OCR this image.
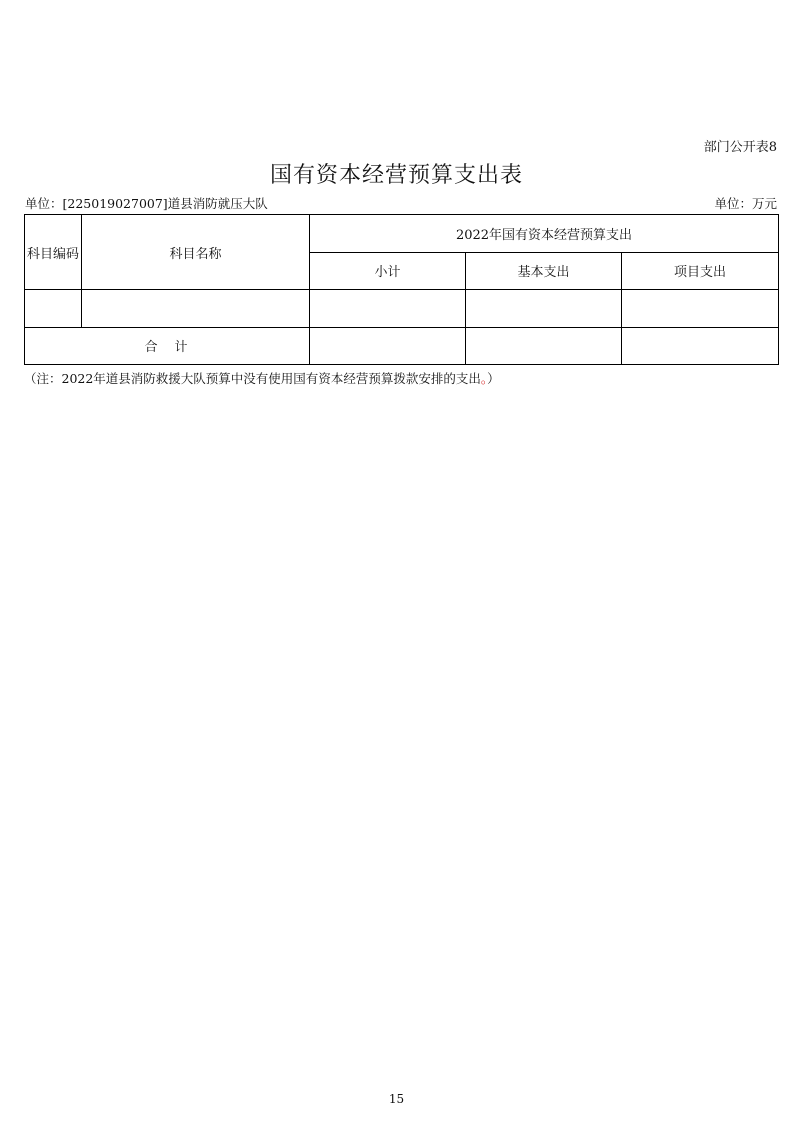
部门公开表8
国有资本经营预算支出表
单位：[225019027007]道县消防就压大队	单位：万元
科目编码	科目名称	2022年国有资本经营预算支出		
		小计	基本支出	项目支出

合　计				
（注：2022年道县消防救援大队预算中没有使用国有资本经营预算拨款安排的支出。）
15
